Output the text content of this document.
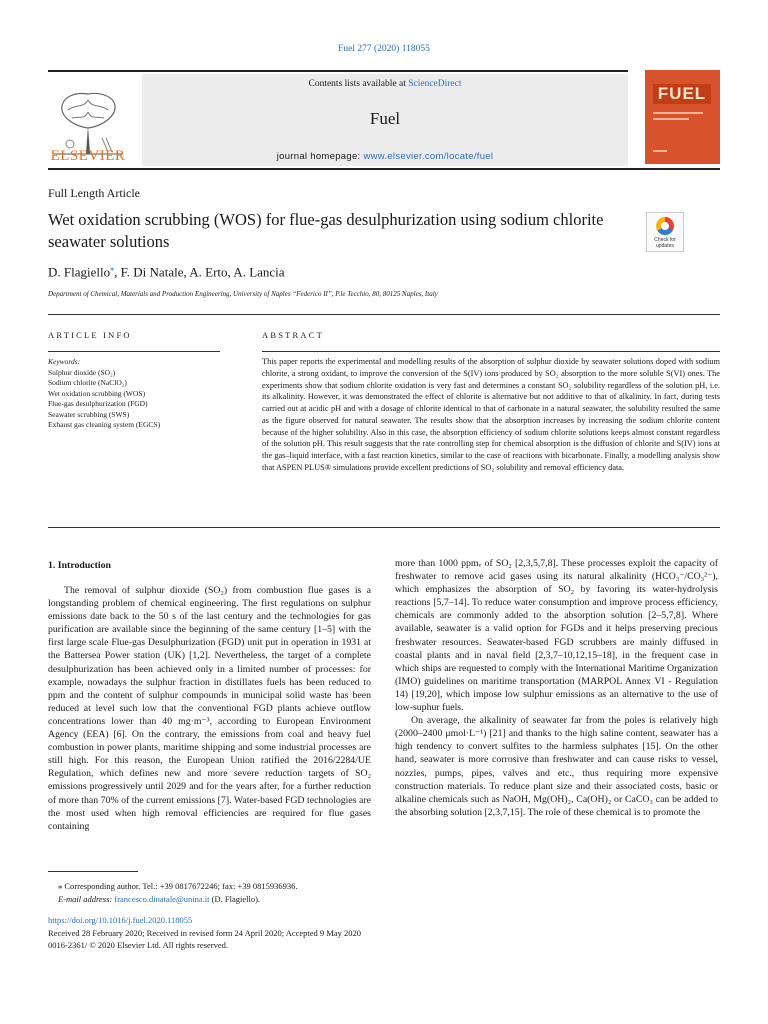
Fuel 277 (2020) 118055
ELSEVIER
Contents lists available at ScienceDirect
Fuel
journal homepage: www.elsevier.com/locate/fuel
FUEL
Full Length Article
Wet oxidation scrubbing (WOS) for flue-gas desulphurization using sodium chlorite seawater solutions	Check for updates
D. Flagiello⁎, F. Di Natale, A. Erto, A. Lancia
Department of Chemical, Materials and Production Engineering, University of Naples “Federico II”, P.le Tecchio, 80, 80125 Naples, Italy
ARTICLE INFO	ABSTRACT
Keywords:
Sulphur dioxide (SO₂)
Sodium chlorite (NaClO₂)
Wet oxidation scrubbing (WOS)
Flue-gas desulphurization (FGD)
Seawater scrubbing (SWS)
Exhaust gas cleaning system (EGCS)
This paper reports the experimental and modelling results of the absorption of sulphur dioxide by seawater solutions doped with sodium chlorite, a strong oxidant, to improve the conversion of the S(IV) ions produced by SO₂ absorption to the more soluble S(VI) ones. The experiments show that sodium chlorite oxidation is very fast and determines a constant SO₂ solubility regardless of the solution pH, i.e. its alkalinity. However, it was demonstrated the effect of chlorite is alternative but not additive to that of alkalinity. In fact, during tests carried out at acidic pH and with a dosage of chlorite identical to that of carbonate in a natural seawater, the solubility resulted the same as the figure observed for natural seawater. The results show that the absorption increases by increasing the sodium chlorite content because of the higher solubility. Also in this case, the absorption efficiency of sodium chlorite solutions keeps almost constant regardless of the solution pH. This result suggests that the rate controlling step for chemical absorption is the diffusion of chlorite and S(IV) ions at the gas–liquid interface, with a fast reaction kinetics, similar to the case of reactions with bicarbonate. Finally, a modelling analysis show that ASPEN PLUS® simulations provide excellent predictions of SO₂ solubility and removal efficiency data.
1. Introduction

The removal of sulphur dioxide (SO₂) from combustion flue gases is a longstanding problem of chemical engineering. The first regulations on sulphur emissions date back to the 50 s of the last century and the technologies for gas purification are available since the beginning of the same century [1–5] with the first large scale Flue-gas Desulphurization (FGD) unit put in operation in 1931 at the Battersea Power station (UK) [1,2]. Nevertheless, the target of a complete desulphurization has been achieved only in a limited number of processes: for example, nowadays the sulphur fraction in distillates fuels has been reduced to ppm and the content of sulphur compounds in municipal solid waste has been reduced at level such low that the conventional FGD plants achieve outflow concentrations lower than 40 mg·m⁻³, according to European Environment Agency (EEA) [6]. On the contrary, the emissions from coal and heavy fuel combustion in power plants, maritime shipping and some industrial processes are still high. For this reason, the European Union ratified the 2016/2284/UE Regulation, which defines new and more severe reduction targets of SO₂ emissions progressively until 2029 and for the years after, for a further reduction of more than 70% of the current emissions [7]. Water-based FGD technologies are the most used when high removal efficiencies are required for flue gases containing

more than 1000 ppmᵥ of SO₂ [2,3,5,7,8]. These processes exploit the capacity of freshwater to remove acid gases using its natural alkalinity (HCO₃⁻/CO₃²⁻), which emphasizes the absorption of SO₂ by favoring its water-hydrolysis reactions [5,7–14]. To reduce water consumption and improve process efficiency, chemicals are commonly added to the absorption solution [2–5,7,8]. Where available, seawater is a valid option for FGDs and it helps preserving precious freshwater resources. Seawater-based FGD scrubbers are mainly diffused in coastal plants and in naval field [2,3,7–10,12,15–18], in the frequent case in which ships are requested to comply with the International Maritime Organization (IMO) guidelines on maritime transportation (MARPOL Annex VI - Regulation 14) [19,20], which impose low sulphur emissions as an alternative to the use of low-suphur fuels.

On average, the alkalinity of seawater far from the poles is relatively high (2000–2400 μmol·L⁻¹) [21] and thanks to the high saline content, seawater has a high tendency to convert sulfites to the harmless sulphates [15]. On the other hand, seawater is more corrosive than freshwater and can cause risks to vessel, nozzles, pumps, pipes, valves and etc., thus requiring more expensive construction materials. To reduce plant size and their associated costs, basic or alkaline chemicals such as NaOH, Mg(OH)₂, Ca(OH)₂ or CaCO₃ can be added to the absorbing solution [2,3,7,15]. The role of these chemical is to promote the

⁎ Corresponding author. Tel.: +39 0817672246; fax: +39 0815936936.
E-mail address: francesco.dinatale@unina.it (D. Flagiello).
https://doi.org/10.1016/j.fuel.2020.118055
Received 28 February 2020; Received in revised form 24 April 2020; Accepted 9 May 2020
0016-2361/ © 2020 Elsevier Ltd. All rights reserved.
